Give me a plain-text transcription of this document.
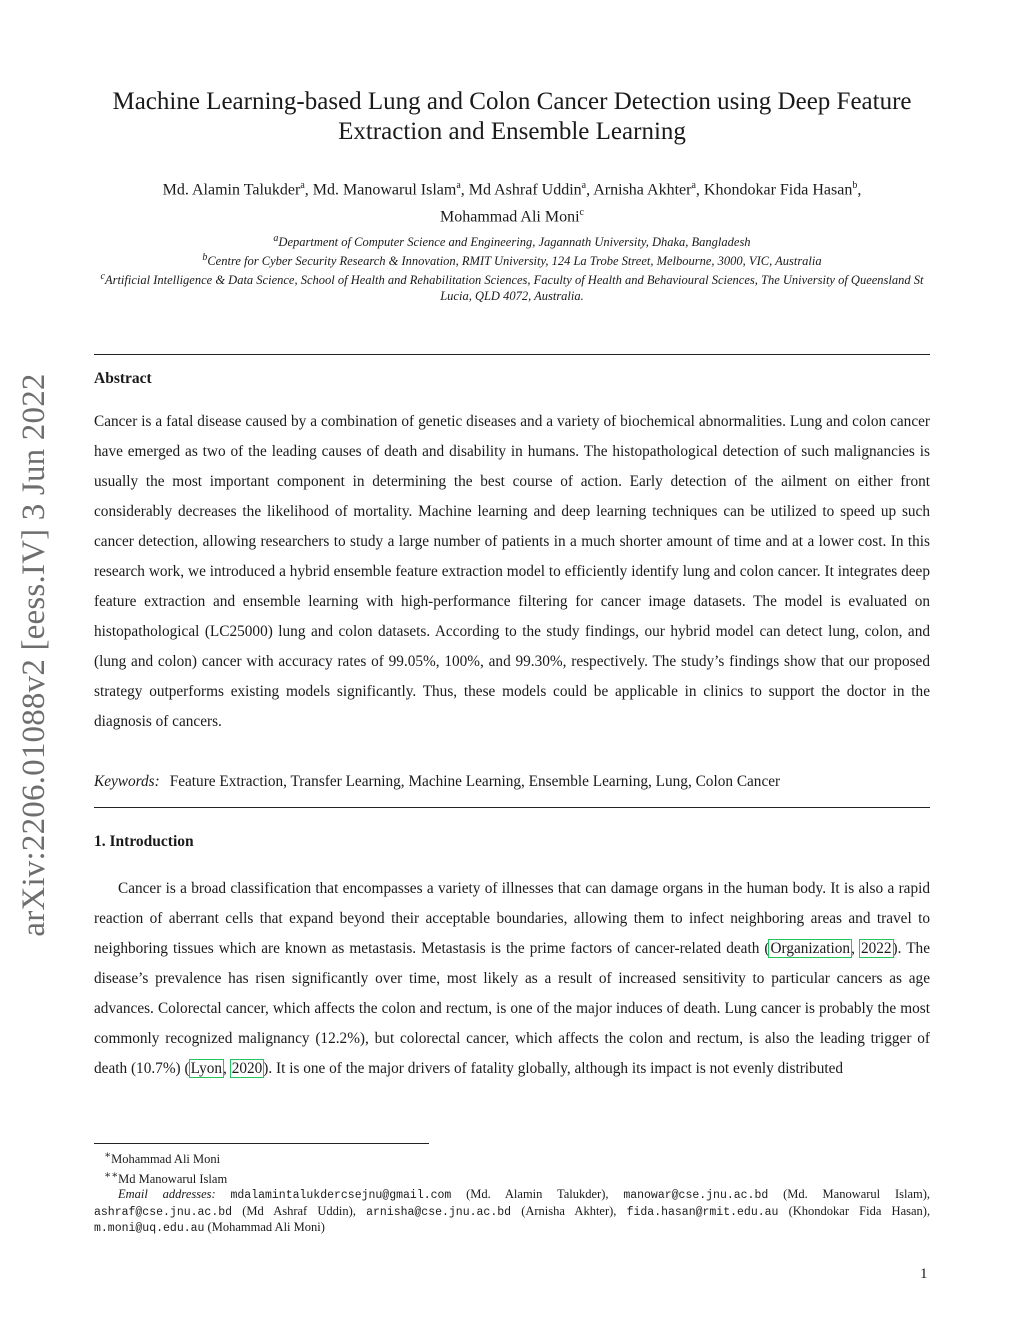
arXiv:2206.01088v2 [eess.IV] 3 Jun 2022
Machine Learning-based Lung and Colon Cancer Detection using Deep Feature Extraction and Ensemble Learning
Md. Alamin Talukder$^a$, Md. Manowarul Islam$^a$, Md Ashraf Uddin$^a$, Arnisha Akhter$^a$, Khondokar Fida Hasan$^b$,
Mohammad Ali Moni$^c$
$^a$Department of Computer Science and Engineering, Jagannath University, Dhaka, Bangladesh
$^b$Centre for Cyber Security Research & Innovation, RMIT University, 124 La Trobe Street, Melbourne, 3000, VIC, Australia
$^c$Artificial Intelligence & Data Science, School of Health and Rehabilitation Sciences, Faculty of Health and Behavioural Sciences, The University of Queensland St Lucia, QLD 4072, Australia.
Abstract

Cancer is a fatal disease caused by a combination of genetic diseases and a variety of biochemical abnormalities. Lung and colon cancer have emerged as two of the leading causes of death and disability in humans. The histopathological detection of such malignancies is usually the most important component in determining the best course of action. Early detection of the ailment on either front considerably decreases the likelihood of mortality. Machine learning and deep learning techniques can be utilized to speed up such cancer detection, allowing researchers to study a large number of patients in a much shorter amount of time and at a lower cost. In this research work, we introduced a hybrid ensemble feature extraction model to efficiently identify lung and colon cancer. It integrates deep feature extraction and ensemble learning with high-performance filtering for cancer image datasets. The model is evaluated on histopathological (LC25000) lung and colon datasets. According to the study findings, our hybrid model can detect lung, colon, and (lung and colon) cancer with accuracy rates of 99.05%, 100%, and 99.30%, respectively. The study’s findings show that our proposed strategy outperforms existing models significantly. Thus, these models could be applicable in clinics to support the doctor in the diagnosis of cancers.

Keywords: Feature Extraction, Transfer Learning, Machine Learning, Ensemble Learning, Lung, Colon Cancer
1. Introduction

Cancer is a broad classification that encompasses a variety of illnesses that can damage organs in the human body. It is also a rapid reaction of aberrant cells that expand beyond their acceptable boundaries, allowing them to infect neighboring areas and travel to neighboring tissues which are known as metastasis. Metastasis is the prime factors of cancer-related death (Organization, 2022). The disease’s prevalence has risen significantly over time, most likely as a result of increased sensitivity to particular cancers as age advances. Colorectal cancer, which affects the colon and rectum, is one of the major induces of death. Lung cancer is probably the most commonly recognized malignancy (12.2%), but colorectal cancer, which affects the colon and rectum, is also the leading trigger of death (10.7%) (Lyon, 2020). It is one of the major drivers of fatality globally, although its impact is not evenly distributed

∗Mohammad Ali Moni
∗∗Md Manowarul Islam
Email addresses: mdalamintalukdercsejnu@gmail.com (Md. Alamin Talukder), manowar@cse.jnu.ac.bd (Md. Manowarul Islam), ashraf@cse.jnu.ac.bd (Md Ashraf Uddin), arnisha@cse.jnu.ac.bd (Arnisha Akhter), fida.hasan@rmit.edu.au (Khondokar Fida Hasan), m.moni@uq.edu.au (Mohammad Ali Moni)
1
